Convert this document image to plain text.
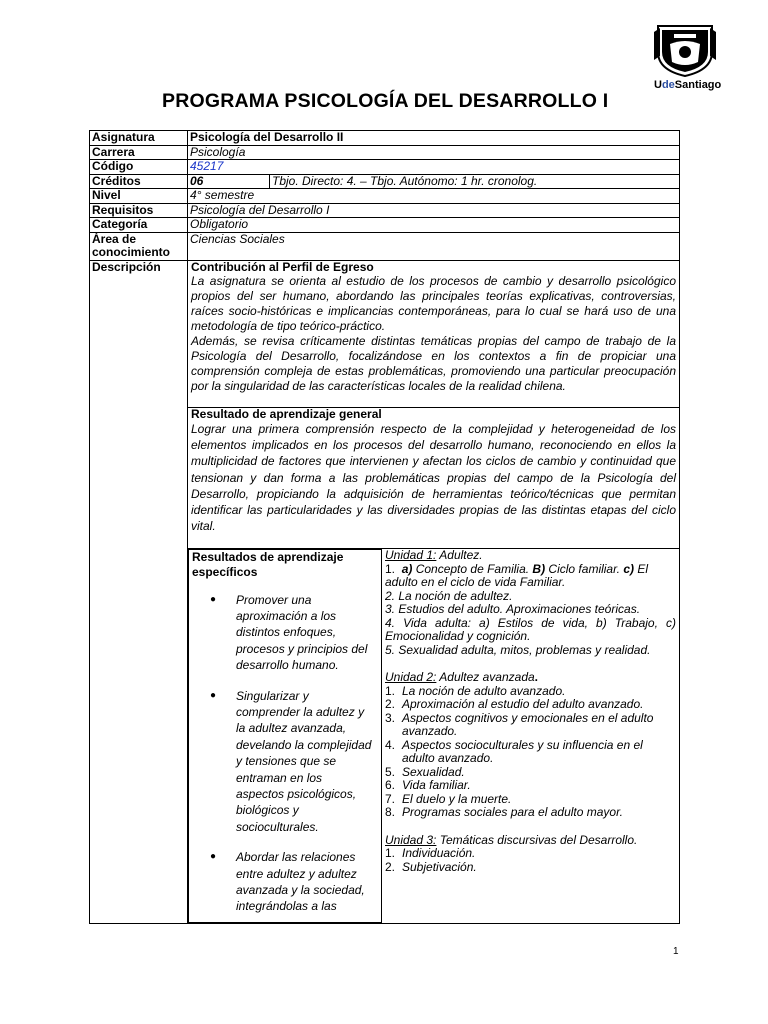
UdeSantiago
PROGRAMA PSICOLOGÍA DEL DESARROLLO I
Asignatura	Psicología del Desarrollo II
Carrera	Psicología
Código	45217
Créditos	06	Tbjo. Directo: 4. – Tbjo. Autónomo: 1 hr. cronolog.
Nivel	4° semestre
Requisitos	Psicología del Desarrollo I
Categoría	Obligatorio
Área de
conocimiento	Ciencias Sociales
Descripción	Contribución al Perfil de Egreso

La asignatura se orienta al estudio de los procesos de cambio y desarrollo psicológico propios del ser humano, abordando las principales teorías explicativas, controversias, raíces socio-históricas e implicancias contemporáneas, para lo cual se hará uso de una metodología de tipo teórico-práctico.

Además, se revisa críticamente distintas temáticas propias del campo de trabajo de la Psicología del Desarrollo, focalizándose en los contextos a fin de propiciar una comprensión compleja de estas problemáticas, promoviendo una particular preocupación por la singularidad de las características locales de la realidad chilena.

Resultado de aprendizaje general

Lograr una primera comprensión respecto de la complejidad y heterogeneidad de los elementos implicados en los procesos del desarrollo humano, reconociendo en ellos la multiplicidad de factores que intervienen y afectan los ciclos de cambio y continuidad que tensionan y dan forma a las problemáticas propias del campo de la Psicología del Desarrollo, propiciando la adquisición de herramientas teórico/técnicas que permitan identificar las particularidades y las diversidades propias de las distintas etapas del ciclo vital.

Resultados de aprendizaje específicos
● Promover una aproximación a los distintos enfoques, procesos y principios del desarrollo humano.
● Singularizar y comprender la adultez y la adultez avanzada, develando la complejidad y tensiones que se entraman en los aspectos psicológicos, biológicos y socioculturales.
● Abordar las relaciones entre adultez y adultez avanzada y la sociedad, integrándolas a las

Unidad 1: Adultez.
1. a) Concepto de Familia. B) Ciclo familiar. c) El adulto en el ciclo de vida Familiar.
2. La noción de adultez.
3. Estudios del adulto. Aproximaciones teóricas.
4. Vida adulta: a) Estilos de vida, b) Trabajo, c) Emocionalidad y cognición.
5. Sexualidad adulta, mitos, problemas y realidad.
Unidad 2: Adultez avanzada.
1. La noción de adulto avanzado.
2. Aproximación al estudio del adulto avanzado.
3. Aspectos cognitivos y emocionales en el adulto avanzado.
4. Aspectos socioculturales y su influencia en el adulto avanzado.
5. Sexualidad.
6. Vida familiar.
7. El duelo y la muerte.
8. Programas sociales para el adulto mayor.
Unidad 3: Temáticas discursivas del Desarrollo.
1. Individuación.
2. Subjetivación.
1
